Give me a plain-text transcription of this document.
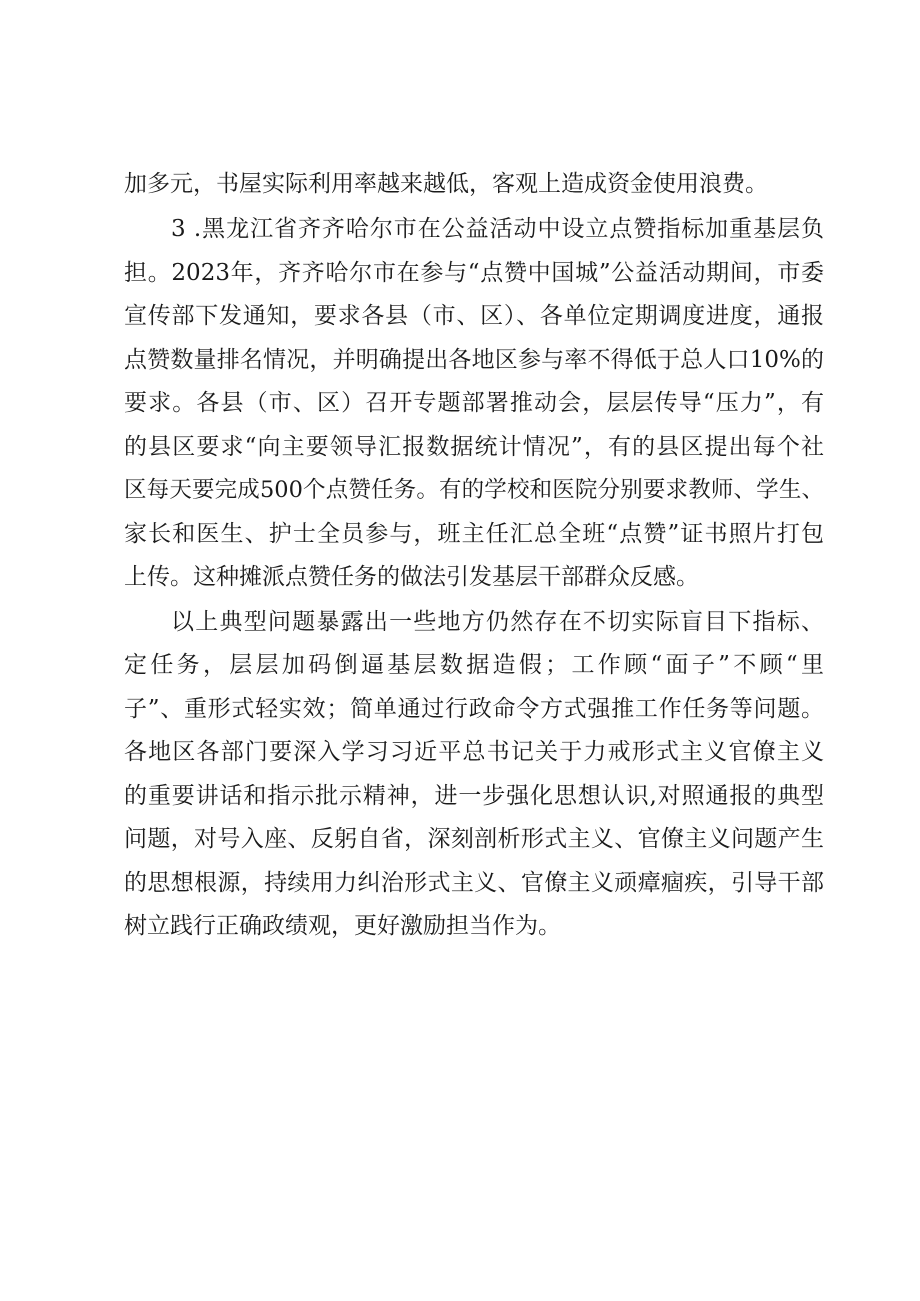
加多元，书屋实际利用率越来越低，客观上造成资金使用浪费。
3 .黑龙江省齐齐哈尔市在公益活动中设立点赞指标加重基层负
担。2023年，齐齐哈尔市在参与“点赞中国城”公益活动期间，市委
宣传部下发通知，要求各县（市、区）、各单位定期调度进度，通报
点赞数量排名情况，并明确提出各地区参与率不得低于总人口10%的
要求。各县（市、区）召开专题部署推动会，层层传导“压力”，有
的县区要求“向主要领导汇报数据统计情况”，有的县区提出每个社
区每天要完成500个点赞任务。有的学校和医院分别要求教师、学生、
家长和医生、护士全员参与，班主任汇总全班“点赞”证书照片打包
上传。这种摊派点赞任务的做法引发基层干部群众反感。
以上典型问题暴露出一些地方仍然存在不切实际盲目下指标、
定任务，层层加码倒逼基层数据造假；工作顾“面子”不顾“里
子”、重形式轻实效；简单通过行政命令方式强推工作任务等问题。
各地区各部门要深入学习习近平总书记关于力戒形式主义官僚主义
的重要讲话和指示批示精神，进一步强化思想认识,对照通报的典型
问题，对号入座、反躬自省，深刻剖析形式主义、官僚主义问题产生
的思想根源，持续用力纠治形式主义、官僚主义顽瘴痼疾，引导干部
树立践行正确政绩观，更好激励担当作为。
